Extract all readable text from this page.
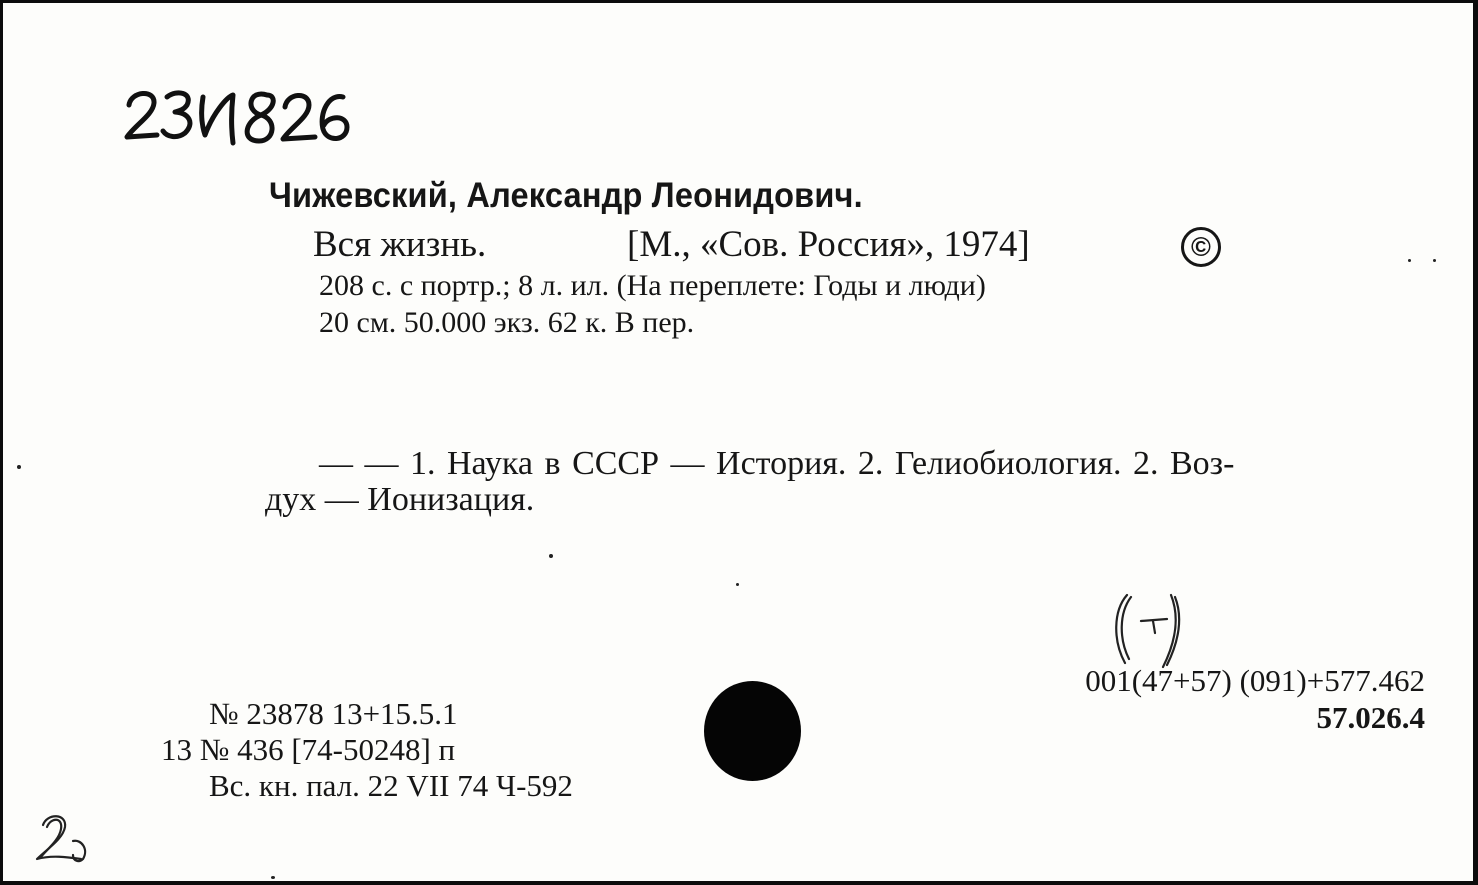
Чижевский, Александр Леонидович.
Вся жизнь.	[М., «Сов. Россия», 1974]	©
208 с. с портр.; 8 л. ил. (На переплете: Годы и люди)
20 см. 50.000 экз. 62 к. В пер.
— — 1. Наука в СССР — История. 2. Гелиобиология. 2. Воз-
дух — Ионизация.
001(47+57) (091)+577.462
57.026.4
№ 23878 13+15.5.1
13 № 436 [74-50248] п
Вс. кн. пал. 22 VII 74 Ч-592
